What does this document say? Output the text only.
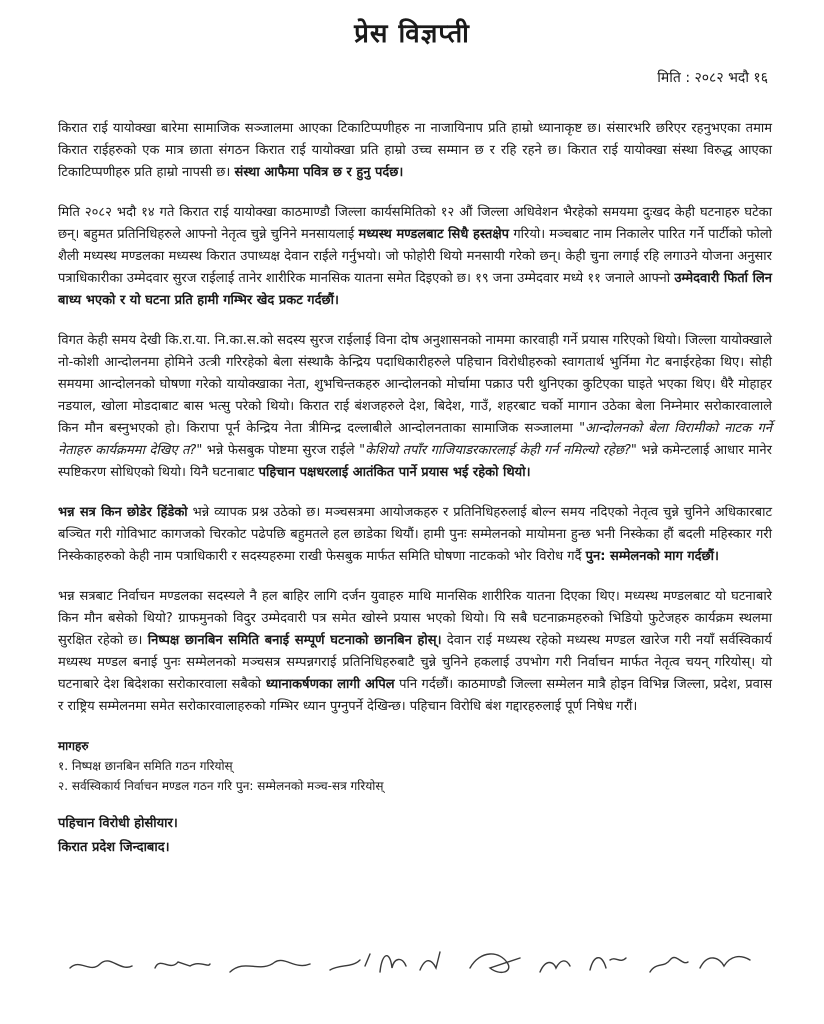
प्रेस विज्ञप्ती
मिति : २०८२ भदौ १६

किरात राई यायोक्खा बारेमा सामाजिक सञ्जालमा आएका टिकाटिप्पणीहरु ना नाजायिनाप प्रति हाम्रो ध्यानाकृष्ट छ। संसारभरि छरिएर रहनुभएका तमाम किरात राईहरुको एक मात्र छाता संगठन किरात राई यायोक्खा प्रति हाम्रो उच्च सम्मान छ र रहि रहने छ। किरात राई यायोक्खा संस्था विरुद्ध आएका टिकाटिप्पणीहरु प्रति हाम्रो नापसी छ। संस्था आफैमा पवित्र छ र हुनु पर्दछ।

मिति २०८२ भदौ १४ गते किरात राई यायोक्खा काठमाण्डौ जिल्ला कार्यसमितिको १२ औं जिल्ला अधिवेशन भैरहेको समयमा दुःखद केही घटनाहरु घटेका छन्। बहुमत प्रतिनिधिहरुले आफ्नो नेतृत्व चुन्ने चुनिने मनसायलाई मध्यस्थ मण्डलबाट सिधै हस्तक्षेप गरियो। मञ्चबाट नाम निकालेर पारित गर्ने पार्टीको फोलो शैली मध्यस्थ मण्डलका मध्यस्थ किरात उपाध्यक्ष देवान राईले गर्नुभयो। जो फोहोरी थियो मनसायी गरेको छन्। केही चुना लगाई रहि लगाउने योजना अनुसार पत्राधिकारीका उम्मेदवार सुरज राईलाई तानेर शारीरिक मानसिक यातना समेत दिइएको छ। १९ जना उम्मेदवार मध्ये ११ जनाले आफ्नो उम्मेदवारी फिर्ता लिन बाध्य भएको र यो घटना प्रति हामी गम्भिर खेद प्रकट गर्दछौं।

विगत केही समय देखी कि.रा.या. नि.का.स.को सदस्य सुरज राईलाई विना दोष अनुशासनको नाममा कारवाही गर्ने प्रयास गरिएको थियो। जिल्ला यायोक्खाले नो-कोशी आन्दोलनमा होमिने उत्त्री गरिरहेको बेला संस्थाकै केन्द्रिय पदाधिकारीहरुले पहिचान विरोधीहरुको स्वागतार्थ भुर्निमा गेट बनाईरहेका थिए। सोही समयमा आन्दोलनको घोषणा गरेको यायोक्खाका नेता, शुभचिन्तकहरु आन्दोलनको मोर्चामा पक्राउ परी थुनिएका कुटिएका घाइते भएका थिए। धैरै मोहाहर नडयाल, खोला मोडदाबाट बास भत्सु परेको थियो। किरात राई बंशजहरुले देश, बिदेश, गाउँ, शहरबाट चर्को मागान उठेका बेला निम्नेमार सरोकारवालाले किन मौन बस्नुभएको हो। किरापा पूर्न केन्द्रिय नेता त्रीमिन्द्र दल्लाबीले आन्दोलनताका सामाजिक सञ्जालमा "आन्दोलनको बेला विरामीको नाटक गर्ने नेताहरु कार्यक्रममा देखिए त?" भन्ने फेसबुक पोष्टमा सुरज राईले "केशियो तपाँर गाजियाडरकारलाई केही गर्न नमिल्यो रहेछ?" भन्ने कमेन्टलाई आधार मानेर स्पष्टिकरण सोधिएको थियो। यिनै घटनाबाट पहिचान पक्षधरलाई आतंकित पार्ने प्रयास भई रहेको थियो।

भन्न सत्र किन छोडेर हिंडेको भन्ने व्यापक प्रश्न उठेको छ। मञ्चसत्रमा आयोजकहरु र प्रतिनिधिहरुलाई बोल्न समय नदिएको नेतृत्व चुन्ने चुनिने अधिकारबाट बञ्चित गरी गोविभाट कागजको चिरकोट पढेपछि बहुमतले हल छाडेका थियौं। हामी पुनः सम्मेलनको मायोमना हुन्छ भनी निस्केका हौं बदली महिस्कार गरी निस्केकाहरुको केही नाम पत्राधिकारी र सदस्यहरुमा राखी फेसबुक मार्फत समिति घोषणा नाटकको भोर विरोध गर्दै पुन: सम्मेलनको माग गर्दछौं।

भन्न सत्रबाट निर्वाचन मण्डलका सदस्यले नै हल बाहिर लागि दर्जन युवाहरु माथि मानसिक शारीरिक यातना दिएका थिए। मध्यस्थ मण्डलबाट यो घटनाबारे किन मौन बसेको थियो? ग्राफमुनको विदुर उम्मेदवारी पत्र समेत खोस्ने प्रयास भएको थियो। यि सबै घटनाक्रमहरुको भिडियो फुटेजहरु कार्यक्रम स्थलमा सुरक्षित रहेको छ। निष्पक्ष छानबिन समिति बनाई सम्पूर्ण घटनाको छानबिन होस्। देवान राई मध्यस्थ रहेको मध्यस्थ मण्डल खारेज गरी नयाँ सर्वस्विकार्य मध्यस्थ मण्डल बनाई पुनः सम्मेलनको मञ्चसत्र सम्पन्नगराई प्रतिनिधिहरुबाटै चुन्ने चुनिने हकलाई उपभोग गरी निर्वाचन मार्फत नेतृत्व चयन् गरियोस्। यो घटनाबारे देश बिदेशका सरोकारवाला सबैको ध्यानाकर्षणका लागी अपिल पनि गर्दछौं। काठमाण्डौ जिल्ला सम्मेलन मात्रै होइन विभिन्न जिल्ला, प्रदेश, प्रवास र राष्ट्रिय सम्मेलनमा समेत सरोकारवालाहरुको गम्भिर ध्यान पुग्नुपर्ने देखिन्छ। पहिचान विरोधि बंश गद्दारहरुलाई पूर्ण निषेध गरौं।

मागहरु
१. निष्पक्ष छानबिन समिति गठन गरियोस्
२. सर्वस्विकार्य निर्वाचन मण्डल गठन गरि पुन: सम्मेलनको मञ्च-सत्र गरियोस्
पहिचान विरोधी होसीयार।
किरात प्रदेश जिन्दाबाद।
